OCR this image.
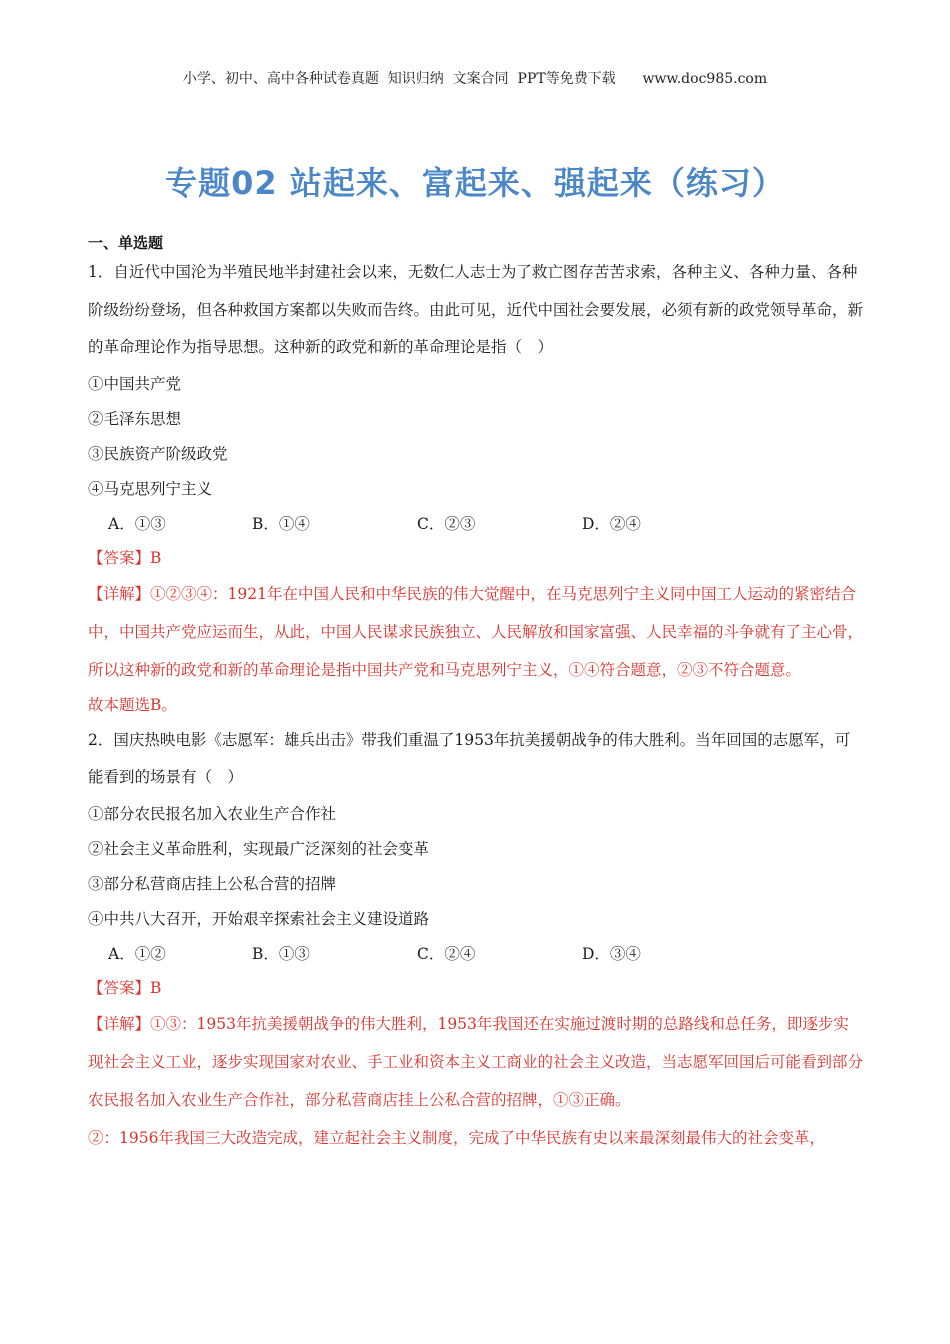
小学、初中、高中各种试卷真题  知识归纳  文案合同  PPT等免费下载      www.doc985.com
专题02 站起来、富起来、强起来（练习）
一、单选题

1．自近代中国沦为半殖民地半封建社会以来，无数仁人志士为了救亡图存苦苦求索，各种主义、各种力量、各种阶级纷纷登场，但各种救国方案都以失败而告终。由此可见，近代中国社会要发展，必须有新的政党领导革命，新的革命理论作为指导思想。这种新的政党和新的革命理论是指（　）

①中国共产党
②毛泽东思想
③民族资产阶级政党
④马克思列宁主义
A．①③	B．①④	C．②③	D．②④
【答案】B

【详解】①②③④：1921年在中国人民和中华民族的伟大觉醒中，在马克思列宁主义同中国工人运动的紧密结合中，中国共产党应运而生，从此，中国人民谋求民族独立、人民解放和国家富强、人民幸福的斗争就有了主心骨，所以这种新的政党和新的革命理论是指中国共产党和马克思列宁主义，①④符合题意，②③不符合题意。

故本题选B。

2．国庆热映电影《志愿军：雄兵出击》带我们重温了1953年抗美援朝战争的伟大胜利。当年回国的志愿军，可能看到的场景有（　）

①部分农民报名加入农业生产合作社
②社会主义革命胜利，实现最广泛深刻的社会变革
③部分私营商店挂上公私合营的招牌
④中共八大召开，开始艰辛探索社会主义建设道路
A．①②	B．①③	C．②④	D．③④
【答案】B

【详解】①③：1953年抗美援朝战争的伟大胜利，1953年我国还在实施过渡时期的总路线和总任务，即逐步实现社会主义工业，逐步实现国家对农业、手工业和资本主义工商业的社会主义改造，当志愿军回国后可能看到部分农民报名加入农业生产合作社，部分私营商店挂上公私合营的招牌，①③正确。

②：1956年我国三大改造完成，建立起社会主义制度，完成了中华民族有史以来最深刻最伟大的社会变革，
